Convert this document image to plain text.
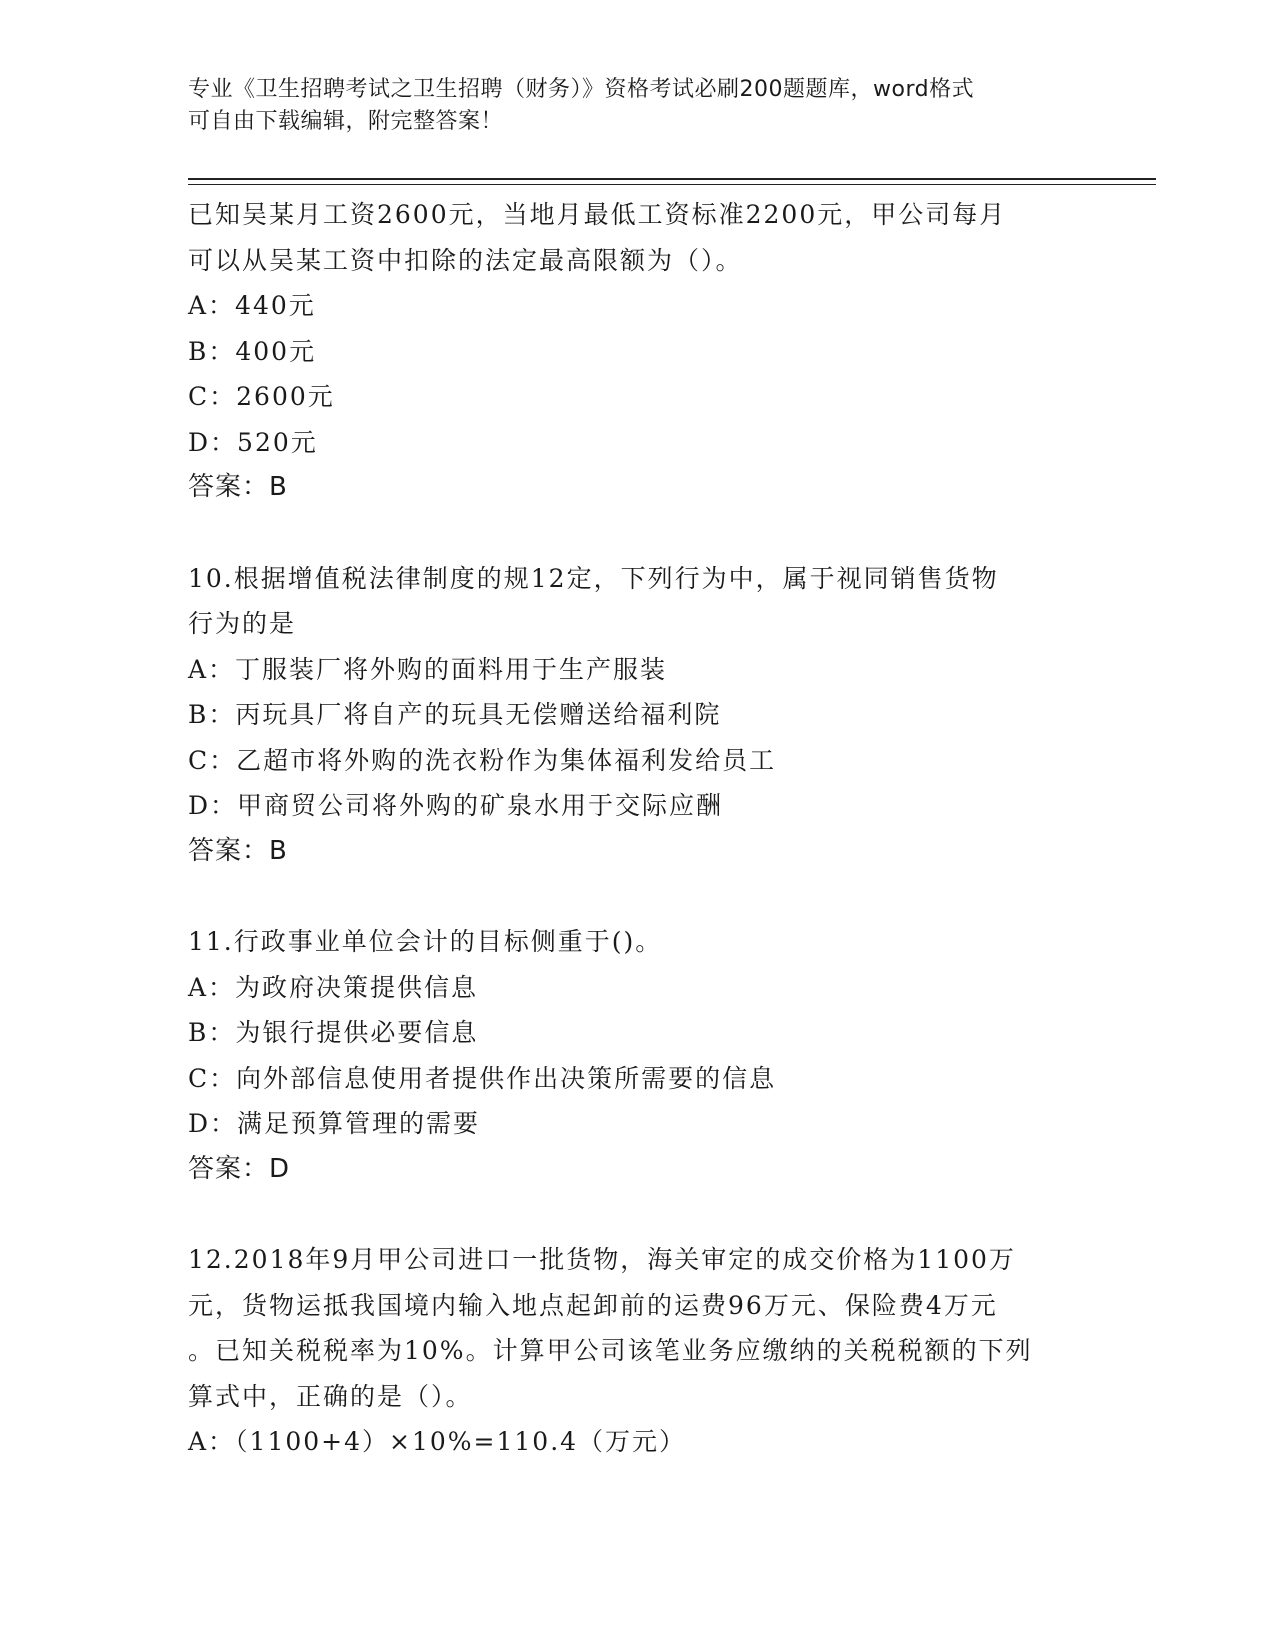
专业《卫生招聘考试之卫生招聘（财务）》资格考试必刷200题题库，word格式
可自由下载编辑，附完整答案！

已知吴某月工资2600元，当地月最低工资标准2200元，甲公司每月

可以从吴某工资中扣除的法定最高限额为（）。

A：440元

B：400元

C：2600元

D：520元

答案：B

10.根据增值税法律制度的规12定，下列行为中，属于视同销售货物

行为的是

A：丁服装厂将外购的面料用于生产服装

B：丙玩具厂将自产的玩具无偿赠送给福利院

C：乙超市将外购的洗衣粉作为集体福利发给员工

D：甲商贸公司将外购的矿泉水用于交际应酬

答案：B

11.行政事业单位会计的目标侧重于()。

A：为政府决策提供信息

B：为银行提供必要信息

C：向外部信息使用者提供作出决策所需要的信息

D：满足预算管理的需要

答案：D

12.2018年9月甲公司进口一批货物，海关审定的成交价格为1100万

元，货物运抵我国境内输入地点起卸前的运费96万元、保险费4万元

。已知关税税率为10%。计算甲公司该笔业务应缴纳的关税税额的下列

算式中，正确的是（）。

A：（1100+4）×10%=110.4（万元）
